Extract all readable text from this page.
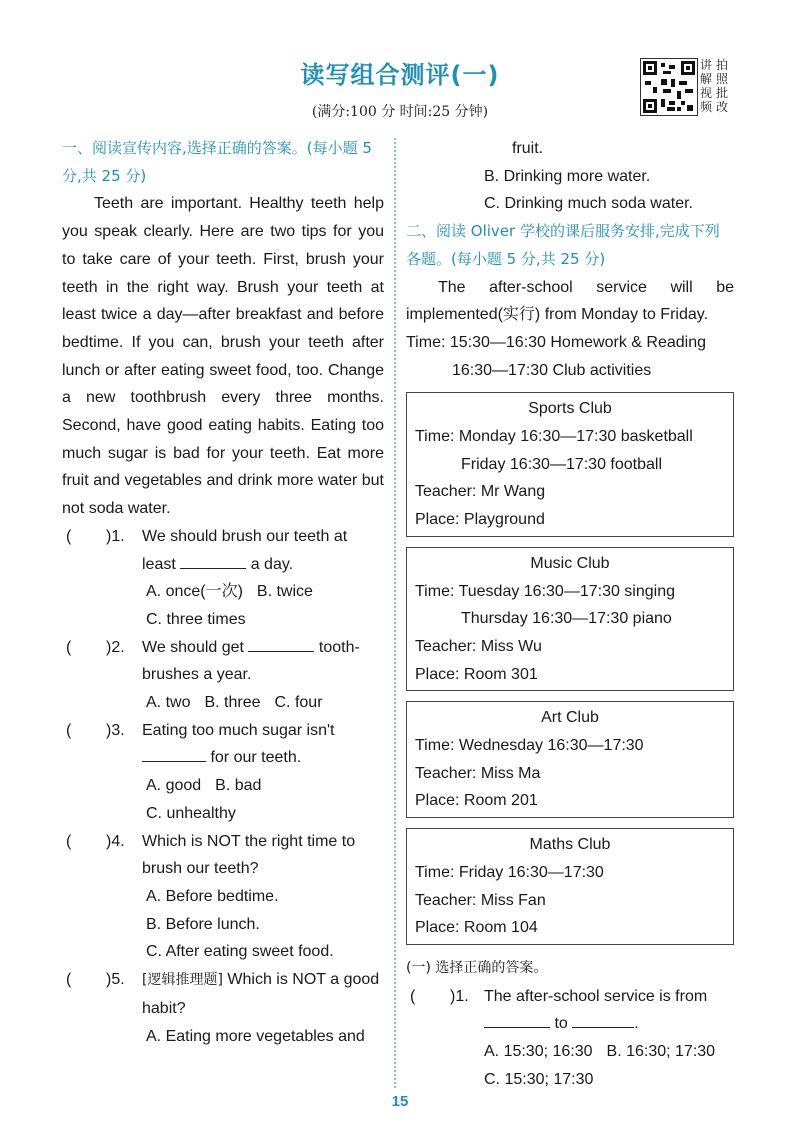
读写组合测评(一)
(满分:100 分 时间:25 分钟)
讲 拍
解 照
视 批
频 改
一、阅读宣传内容,选择正确的答案。(每小题 5 分,共 25 分)
Teeth are important. Healthy teeth help you speak clearly. Here are two tips for you to take care of your teeth. First, brush your teeth in the right way. Brush your teeth at least twice a day—after breakfast and before bedtime. If you can, brush your teeth after lunch or after eating sweet food, too. Change a new toothbrush every three months. Second, have good eating habits. Eating too much sugar is bad for your teeth. Eat more fruit and vegetables and drink more water but not soda water.
( )1. We should brush our teeth at least	a day.
A. once(一次) B. twice
C. three times
( )2. We should get	tooth-brushes a year.
A. two B. three C. four
( )3. Eating too much sugar isn't  for our teeth.
A. good B. bad
C. unhealthy
( )4. Which is NOT the right time to brush our teeth?
A. Before bedtime.
B. Before lunch.
C. After eating sweet food.
( )5. [逻辑推理题] Which is NOT a good habit?
A. Eating more vegetables and
fruit.
B. Drinking more water.
C. Drinking much soda water.
二、阅读 Oliver 学校的课后服务安排,完成下列各题。(每小题 5 分,共 25 分)
The after-school service will be implemented(实行) from Monday to Friday.
Time: 15:30—16:30 Homework & Reading
16:30—17:30 Club activities
Sports Club
Time: Monday 16:30—17:30 basketball
Friday 16:30—17:30 football
Teacher: Mr Wang
Place: Playground
Music Club
Time: Tuesday 16:30—17:30 singing
Thursday 16:30—17:30 piano
Teacher: Miss Wu
Place: Room 301
Art Club
Time: Wednesday 16:30—17:30
Teacher: Miss Ma
Place: Room 201
Maths Club
Time: Friday 16:30—17:30
Teacher: Miss Fan
Place: Room 104
(一) 选择正确的答案。
( )1. The after-school service is from
to	.
A. 15:30; 16:30 B. 16:30; 17:30
C. 15:30; 17:30
15
